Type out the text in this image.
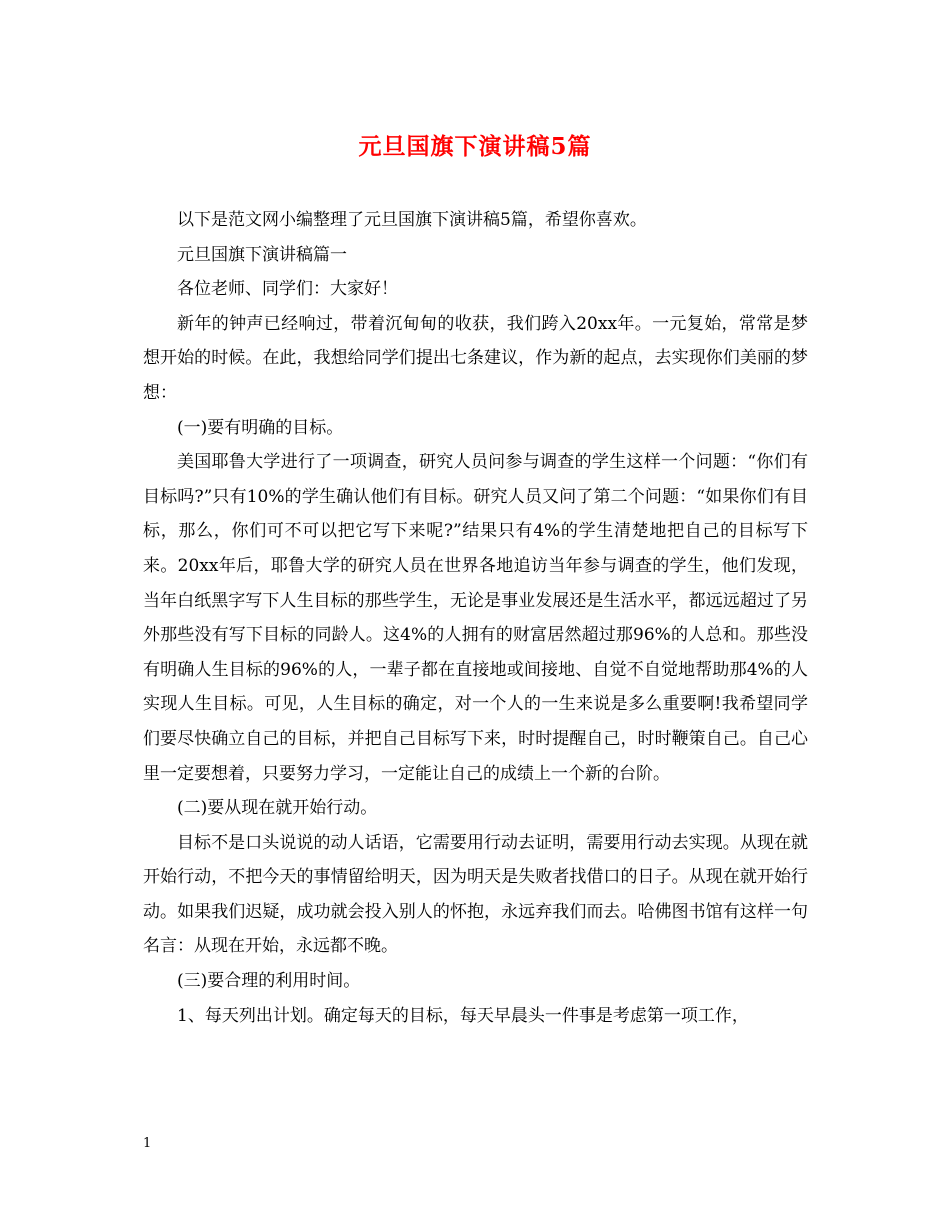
元旦国旗下演讲稿5篇

以下是范文网小编整理了元旦国旗下演讲稿5篇，希望你喜欢。

元旦国旗下演讲稿篇一

各位老师、同学们：大家好！

新年的钟声已经响过，带着沉甸甸的收获，我们跨入20xx年。一元复始，常常是梦想开始的时候。在此，我想给同学们提出七条建议，作为新的起点，去实现你们美丽的梦想：

(一)要有明确的目标。

美国耶鲁大学进行了一项调查，研究人员问参与调查的学生这样一个问题：“你们有目标吗?”只有10%的学生确认他们有目标。研究人员又问了第二个问题：“如果你们有目标，那么，你们可不可以把它写下来呢?”结果只有4%的学生清楚地把自己的目标写下来。20xx年后，耶鲁大学的研究人员在世界各地追访当年参与调查的学生，他们发现，当年白纸黑字写下人生目标的那些学生，无论是事业发展还是生活水平，都远远超过了另外那些没有写下目标的同龄人。这4%的人拥有的财富居然超过那96%的人总和。那些没有明确人生目标的96%的人，一辈子都在直接地或间接地、自觉不自觉地帮助那4%的人实现人生目标。可见，人生目标的确定，对一个人的一生来说是多么重要啊!我希望同学们要尽快确立自己的目标，并把自己目标写下来，时时提醒自己，时时鞭策自己。自己心里一定要想着，只要努力学习，一定能让自己的成绩上一个新的台阶。

(二)要从现在就开始行动。

目标不是口头说说的动人话语，它需要用行动去证明，需要用行动去实现。从现在就开始行动，不把今天的事情留给明天，因为明天是失败者找借口的日子。从现在就开始行动。如果我们迟疑，成功就会投入别人的怀抱，永远弃我们而去。哈佛图书馆有这样一句名言：从现在开始，永远都不晚。

(三)要合理的利用时间。

1、每天列出计划。确定每天的目标，每天早晨头一件事是考虑第一项工作，

1
